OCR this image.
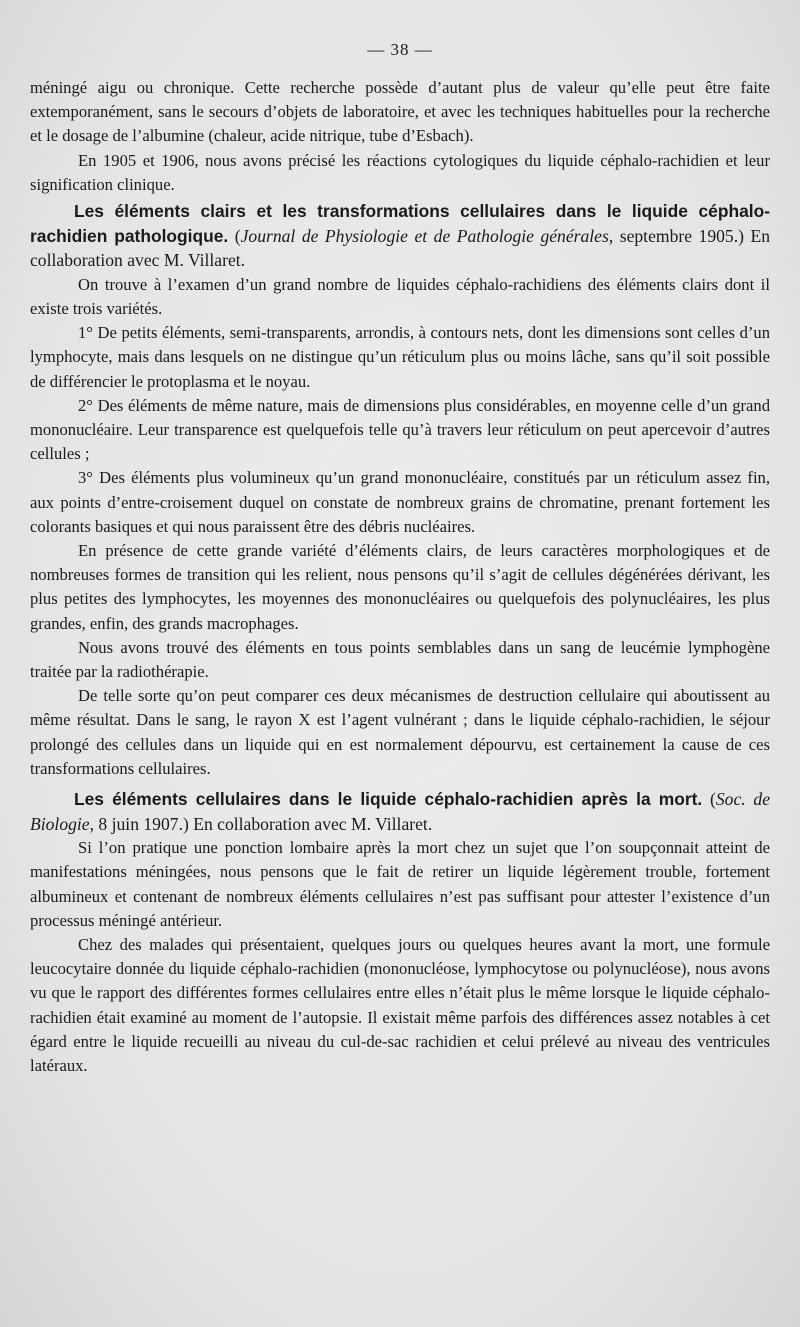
— 38 —

méningé aigu ou chronique. Cette recherche possède d’autant plus de valeur qu’elle peut être faite extemporanément, sans le secours d’objets de laboratoire, et avec les techniques habituelles pour la recherche et le dosage de l’albumine (chaleur, acide nitrique, tube d’Esbach).

En 1905 et 1906, nous avons précisé les réactions cytologiques du liquide céphalo-rachidien et leur signification clinique.

Les éléments clairs et les transformations cellulaires dans le liquide céphalo-rachidien pathologique. (Journal de Physiologie et de Pathologie générales, septembre 1905.) En collaboration avec M. Villaret.

On trouve à l’examen d’un grand nombre de liquides céphalo-rachidiens des éléments clairs dont il existe trois variétés.

1° De petits éléments, semi-transparents, arrondis, à contours nets, dont les dimensions sont celles d’un lymphocyte, mais dans lesquels on ne distingue qu’un réticulum plus ou moins lâche, sans qu’il soit possible de différencier le protoplasma et le noyau.

2° Des éléments de même nature, mais de dimensions plus considérables, en moyenne celle d’un grand mononucléaire. Leur transparence est quelquefois telle qu’à travers leur réticulum on peut apercevoir d’autres cellules ;

3° Des éléments plus volumineux qu’un grand mononucléaire, constitués par un réticulum assez fin, aux points d’entre-croisement duquel on constate de nombreux grains de chromatine, prenant fortement les colorants basiques et qui nous paraissent être des débris nucléaires.

En présence de cette grande variété d’éléments clairs, de leurs caractères morphologiques et de nombreuses formes de transition qui les relient, nous pensons qu’il s’agit de cellules dégénérées dérivant, les plus petites des lymphocytes, les moyennes des mononucléaires ou quelquefois des polynucléaires, les plus grandes, enfin, des grands macrophages.

Nous avons trouvé des éléments en tous points semblables dans un sang de leucémie lymphogène traitée par la radiothérapie.

De telle sorte qu’on peut comparer ces deux mécanismes de destruction cellulaire qui aboutissent au même résultat. Dans le sang, le rayon X est l’agent vulnérant ; dans le liquide céphalo-rachidien, le séjour prolongé des cellules dans un liquide qui en est normalement dépourvu, est certainement la cause de ces transformations cellulaires.

Les éléments cellulaires dans le liquide céphalo-rachidien après la mort. (Soc. de Biologie, 8 juin 1907.) En collaboration avec M. Villaret.

Si l’on pratique une ponction lombaire après la mort chez un sujet que l’on soupçonnait atteint de manifestations méningées, nous pensons que le fait de retirer un liquide légèrement trouble, fortement albumineux et contenant de nombreux éléments cellulaires n’est pas suffisant pour attester l’existence d’un processus méningé antérieur.

Chez des malades qui présentaient, quelques jours ou quelques heures avant la mort, une formule leucocytaire donnée du liquide céphalo-rachidien (mononucléose, lymphocytose ou polynucléose), nous avons vu que le rapport des différentes formes cellulaires entre elles n’était plus le même lorsque le liquide céphalo-rachidien était examiné au moment de l’autopsie. Il existait même parfois des différences assez notables à cet égard entre le liquide recueilli au niveau du cul-de-sac rachidien et celui prélevé au niveau des ventricules latéraux.
